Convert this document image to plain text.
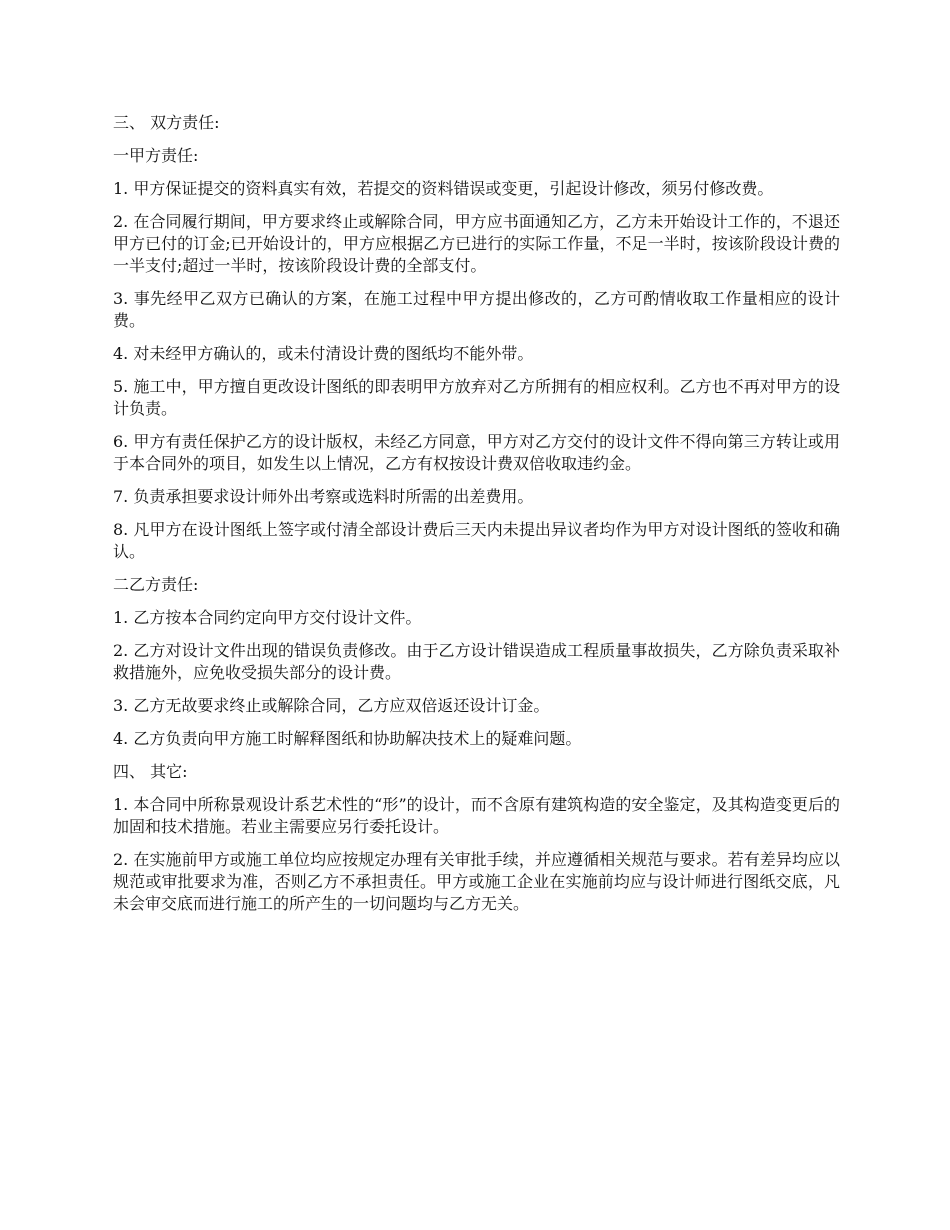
三、 双方责任:

一甲方责任:

1. 甲方保证提交的资料真实有效，若提交的资料错误或变更，引起设计修改，须另付修改费。

2. 在合同履行期间，甲方要求终止或解除合同，甲方应书面通知乙方，乙方未开始设计工作的，不退还甲方已付的订金;已开始设计的，甲方应根据乙方已进行的实际工作量，不足一半时，按该阶段设计费的一半支付;超过一半时，按该阶段设计费的全部支付。

3. 事先经甲乙双方已确认的方案，在施工过程中甲方提出修改的，乙方可酌情收取工作量相应的设计费。

4. 对未经甲方确认的，或未付清设计费的图纸均不能外带。

5. 施工中，甲方擅自更改设计图纸的即表明甲方放弃对乙方所拥有的相应权利。乙方也不再对甲方的设计负责。

6. 甲方有责任保护乙方的设计版权，未经乙方同意，甲方对乙方交付的设计文件不得向第三方转让或用于本合同外的项目，如发生以上情况，乙方有权按设计费双倍收取违约金。

7. 负责承担要求设计师外出考察或选料时所需的出差费用。

8. 凡甲方在设计图纸上签字或付清全部设计费后三天内未提出异议者均作为甲方对设计图纸的签收和确认。

二乙方责任:

1. 乙方按本合同约定向甲方交付设计文件。

2. 乙方对设计文件出现的错误负责修改。由于乙方设计错误造成工程质量事故损失，乙方除负责采取补救措施外，应免收受损失部分的设计费。

3. 乙方无故要求终止或解除合同，乙方应双倍返还设计订金。

4. 乙方负责向甲方施工时解释图纸和协助解决技术上的疑难问题。

四、 其它:

1. 本合同中所称景观设计系艺术性的“形”的设计，而不含原有建筑构造的安全鉴定，及其构造变更后的加固和技术措施。若业主需要应另行委托设计。

2. 在实施前甲方或施工单位均应按规定办理有关审批手续，并应遵循相关规范与要求。若有差异均应以规范或审批要求为准，否则乙方不承担责任。甲方或施工企业在实施前均应与设计师进行图纸交底，凡未会审交底而进行施工的所产生的一切问题均与乙方无关。
